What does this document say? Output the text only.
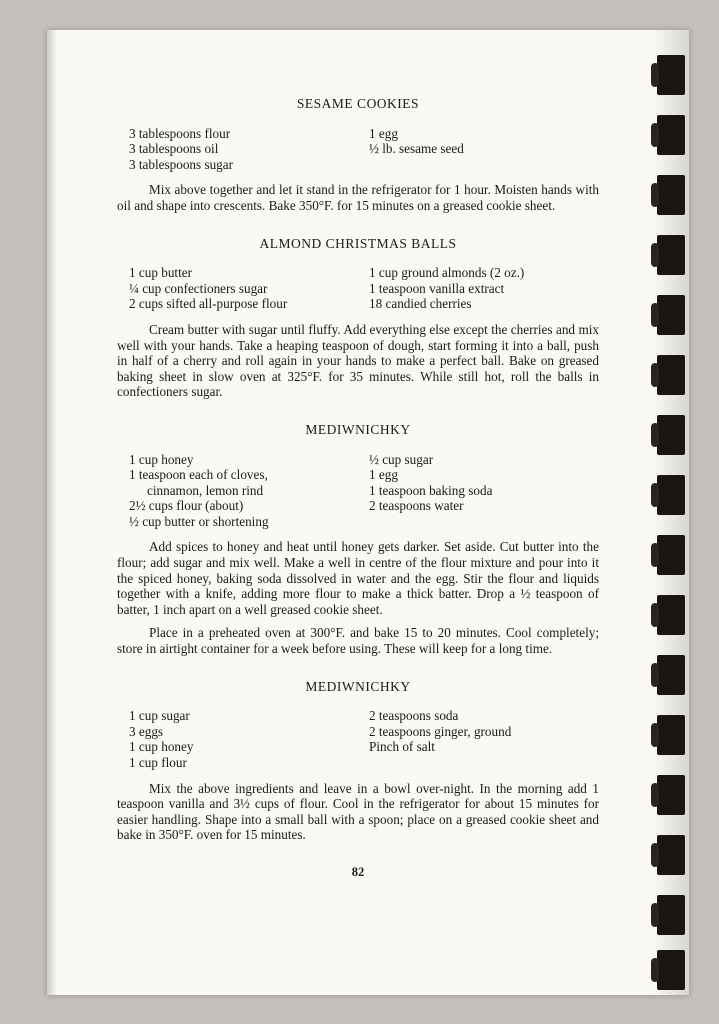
SESAME COOKIES
3 tablespoons flour
3 tablespoons oil
3 tablespoons sugar
1 egg
½ lb. sesame seed

Mix above together and let it stand in the refrigerator for 1 hour. Moisten hands with oil and shape into crescents. Bake 350°F. for 15 minutes on a greased cookie sheet.

ALMOND CHRISTMAS BALLS
1 cup butter
¼ cup confectioners sugar
2 cups sifted all-purpose flour
1 cup ground almonds (2 oz.)
1 teaspoon vanilla extract
18 candied cherries

Cream butter with sugar until fluffy. Add everything else except the cherries and mix well with your hands. Take a heaping teaspoon of dough, start forming it into a ball, push in half of a cherry and roll again in your hands to make a perfect ball. Bake on greased baking sheet in slow oven at 325°F. for 35 minutes. While still hot, roll the balls in confectioners sugar.

MEDIWNICHKY
1 cup honey
1 teaspoon each of cloves,
cinnamon, lemon rind
2½ cups flour (about)
½ cup butter or shortening
½ cup sugar
1 egg
1 teaspoon baking soda
2 teaspoons water

Add spices to honey and heat until honey gets darker. Set aside. Cut butter into the flour; add sugar and mix well. Make a well in centre of the flour mixture and pour into it the spiced honey, baking soda dissolved in water and the egg. Stir the flour and liquids together with a knife, adding more flour to make a thick batter. Drop a ½ teaspoon of batter, 1 inch apart on a well greased cookie sheet.

Place in a preheated oven at 300°F. and bake 15 to 20 minutes. Cool completely; store in airtight container for a week before using. These will keep for a long time.

MEDIWNICHKY
1 cup sugar
3 eggs
1 cup honey
1 cup flour
2 teaspoons soda
2 teaspoons ginger, ground
Pinch of salt

Mix the above ingredients and leave in a bowl over-night. In the morning add 1 teaspoon vanilla and 3½ cups of flour. Cool in the refrigerator for about 15 minutes for easier handling. Shape into a small ball with a spoon; place on a greased cookie sheet and bake in 350°F. oven for 15 minutes.

82
